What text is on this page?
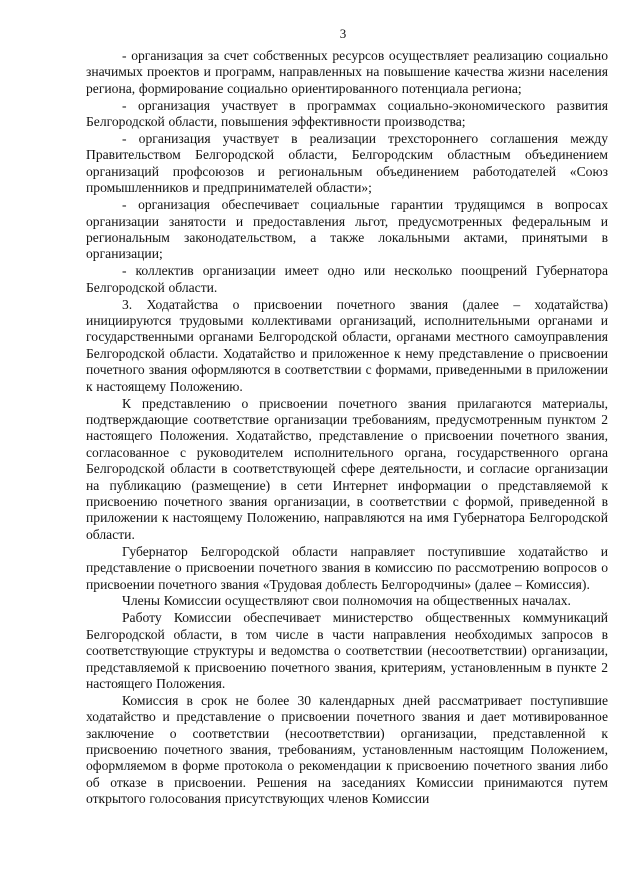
3

- организация за счет собственных ресурсов осуществляет реализацию социально значимых проектов и программ, направленных на повышение качества жизни населения региона, формирование социально ориентированного потенциала региона;

- организация участвует в программах социально-экономического развития Белгородской области, повышения эффективности производства;

- организация участвует в реализации трехстороннего соглашения между Правительством Белгородской области, Белгородским областным объединением организаций профсоюзов и региональным объединением работодателей «Союз промышленников и предпринимателей области»;

- организация обеспечивает социальные гарантии трудящимся в вопросах организации занятости и предоставления льгот, предусмотренных федеральным и региональным законодательством, а также локальными актами, принятыми в организации;

- коллектив организации имеет одно или несколько поощрений Губернатора Белгородской области.

3. Ходатайства о присвоении почетного звания (далее – ходатайства) инициируются трудовыми коллективами организаций, исполнительными органами и государственными органами Белгородской области, органами местного самоуправления Белгородской области. Ходатайство и приложенное к нему представление о присвоении почетного звания оформляются в соответствии с формами, приведенными в приложении к настоящему Положению.

К представлению о присвоении почетного звания прилагаются материалы, подтверждающие соответствие организации требованиям, предусмотренным пунктом 2 настоящего Положения. Ходатайство, представление о присвоении почетного звания, согласованное с руководителем исполнительного органа, государственного органа Белгородской области в соответствующей сфере деятельности, и согласие организации на публикацию (размещение) в сети Интернет информации о представляемой к присвоению почетного звания организации, в соответствии с формой, приведенной в приложении к настоящему Положению, направляются на имя Губернатора Белгородской области.

Губернатор Белгородской области направляет поступившие ходатайство и представление о присвоении почетного звания в комиссию по рассмотрению вопросов о присвоении почетного звания «Трудовая доблесть Белгородчины» (далее – Комиссия).

Члены Комиссии осуществляют свои полномочия на общественных началах.

Работу Комиссии обеспечивает министерство общественных коммуникаций Белгородской области, в том числе в части направления необходимых запросов в соответствующие структуры и ведомства о соответствии (несоответствии) организации, представляемой к присвоению почетного звания, критериям, установленным в пункте 2 настоящего Положения.

Комиссия в срок не более 30 календарных дней рассматривает поступившие ходатайство и представление о присвоении почетного звания и дает мотивированное заключение о соответствии (несоответствии) организации, представленной к присвоению почетного звания, требованиям, установленным настоящим Положением, оформляемом в форме протокола о рекомендации к присвоению почетного звания либо об отказе в присвоении. Решения на заседаниях Комиссии принимаются путем открытого голосования присутствующих членов Комиссии
